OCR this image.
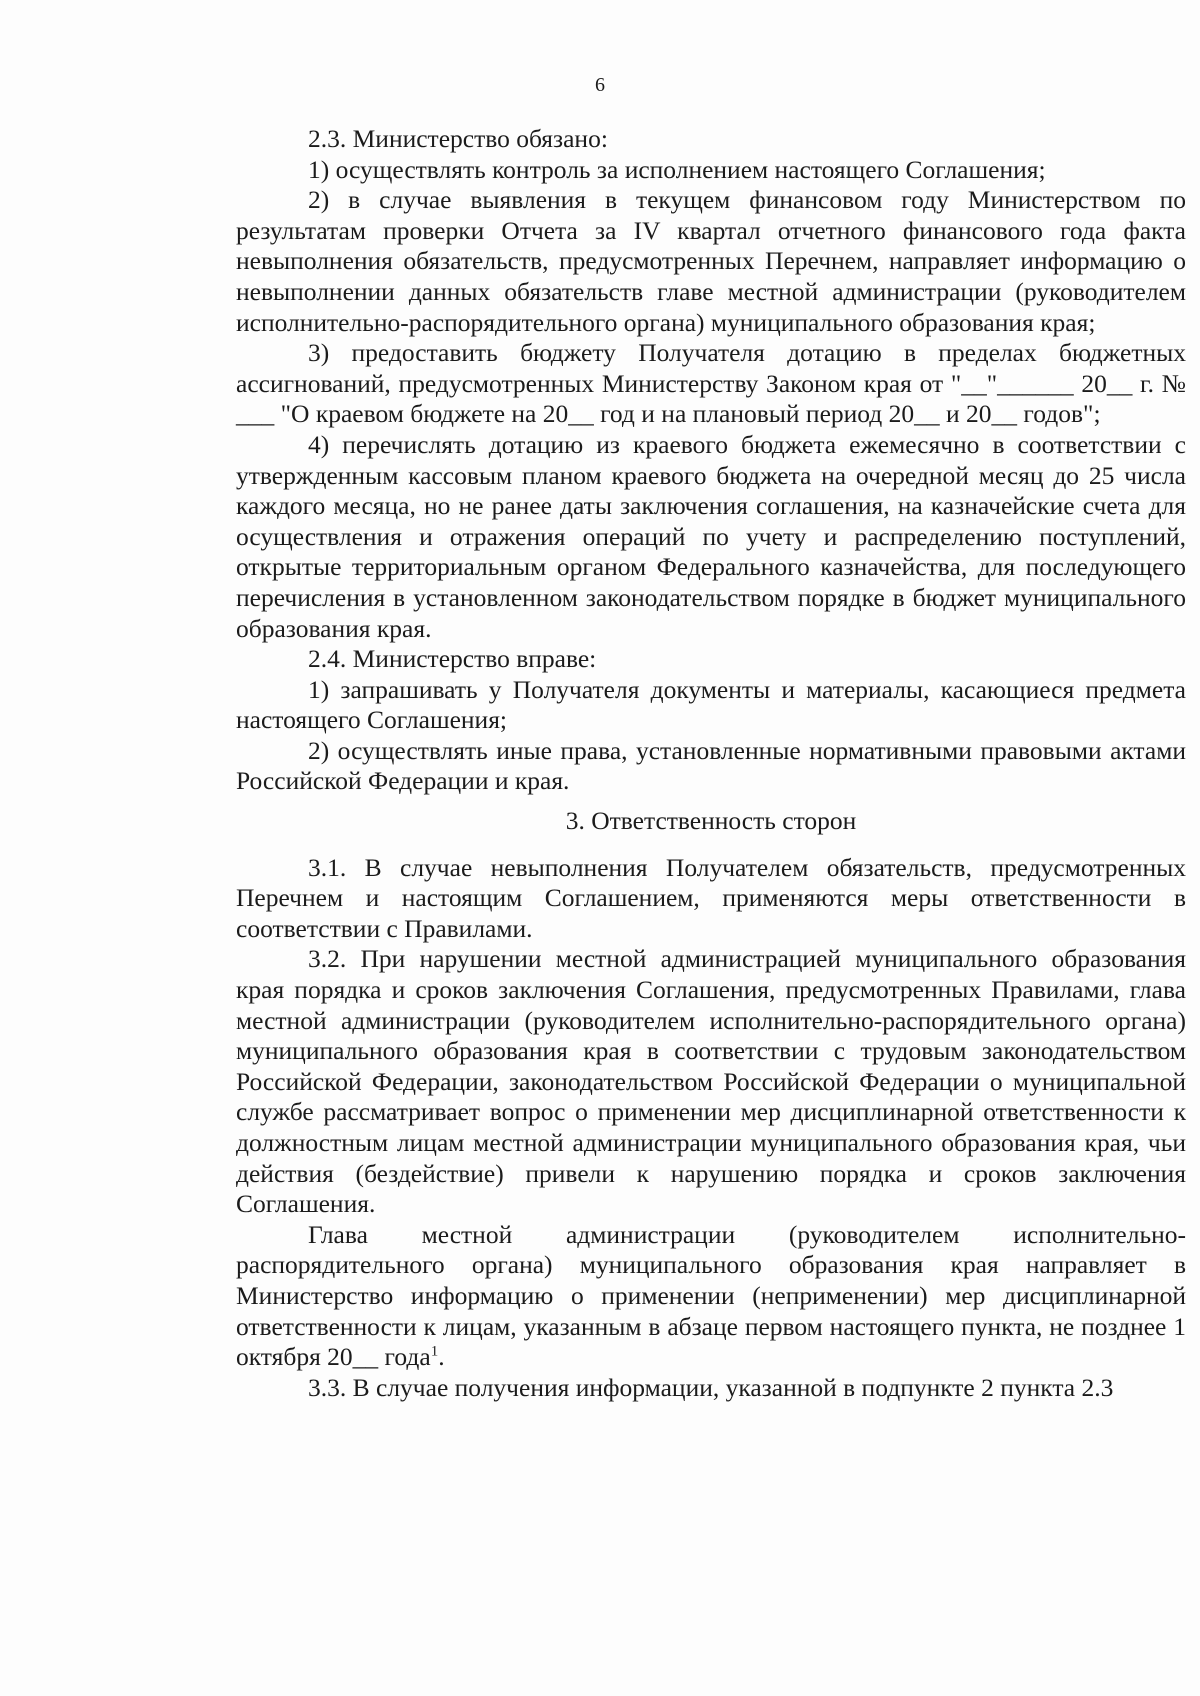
6

2.3. Министерство обязано:

1) осуществлять контроль за исполнением настоящего Соглашения;

2) в случае выявления в текущем финансовом году Министерством по результатам проверки Отчета за IV квартал отчетного финансового года факта невыполнения обязательств, предусмотренных Перечнем, направляет информацию о невыполнении данных обязательств главе местной администрации (руководителем исполнительно-распорядительного органа) муниципального образования края;

3) предоставить бюджету Получателя дотацию в пределах бюджетных ассигнований, предусмотренных Министерству Законом края от "__"______ 20__ г. № ___ "О краевом бюджете на 20__ год и на плановый период 20__ и 20__ годов";

4) перечислять дотацию из краевого бюджета ежемесячно в соответствии с утвержденным кассовым планом краевого бюджета на очередной месяц до 25 числа каждого месяца, но не ранее даты заключения соглашения, на казначейские счета для осуществления и отражения операций по учету и распределению поступлений, открытые территориальным органом Федерального казначейства, для последующего перечисления в установленном законодательством порядке в бюджет муниципального образования края.

2.4. Министерство вправе:

1) запрашивать у Получателя документы и материалы, касающиеся предмета настоящего Соглашения;

2) осуществлять иные права, установленные нормативными правовыми актами Российской Федерации и края.

3. Ответственность сторон

3.1. В случае невыполнения Получателем обязательств, предусмотренных Перечнем и настоящим Соглашением, применяются меры ответственности в соответствии с Правилами.

3.2. При нарушении местной администрацией муниципального образования края порядка и сроков заключения Соглашения, предусмотренных Правилами, глава местной администрации (руководителем исполнительно-распорядительного органа) муниципального образования края в соответствии с трудовым законодательством Российской Федерации, законодательством Российской Федерации о муниципальной службе рассматривает вопрос о применении мер дисциплинарной ответственности к должностным лицам местной администрации муниципального образования края, чьи действия (бездействие) привели к нарушению порядка и сроков заключения Соглашения.

Глава местной администрации (руководителем исполнительно-распорядительного органа) муниципального образования края направляет в Министерство информацию о применении (неприменении) мер дисциплинарной ответственности к лицам, указанным в абзаце первом настоящего пункта, не позднее 1 октября 20__ года$^1$.

3.3. В случае получения информации, указанной в подпункте 2 пункта 2.3
